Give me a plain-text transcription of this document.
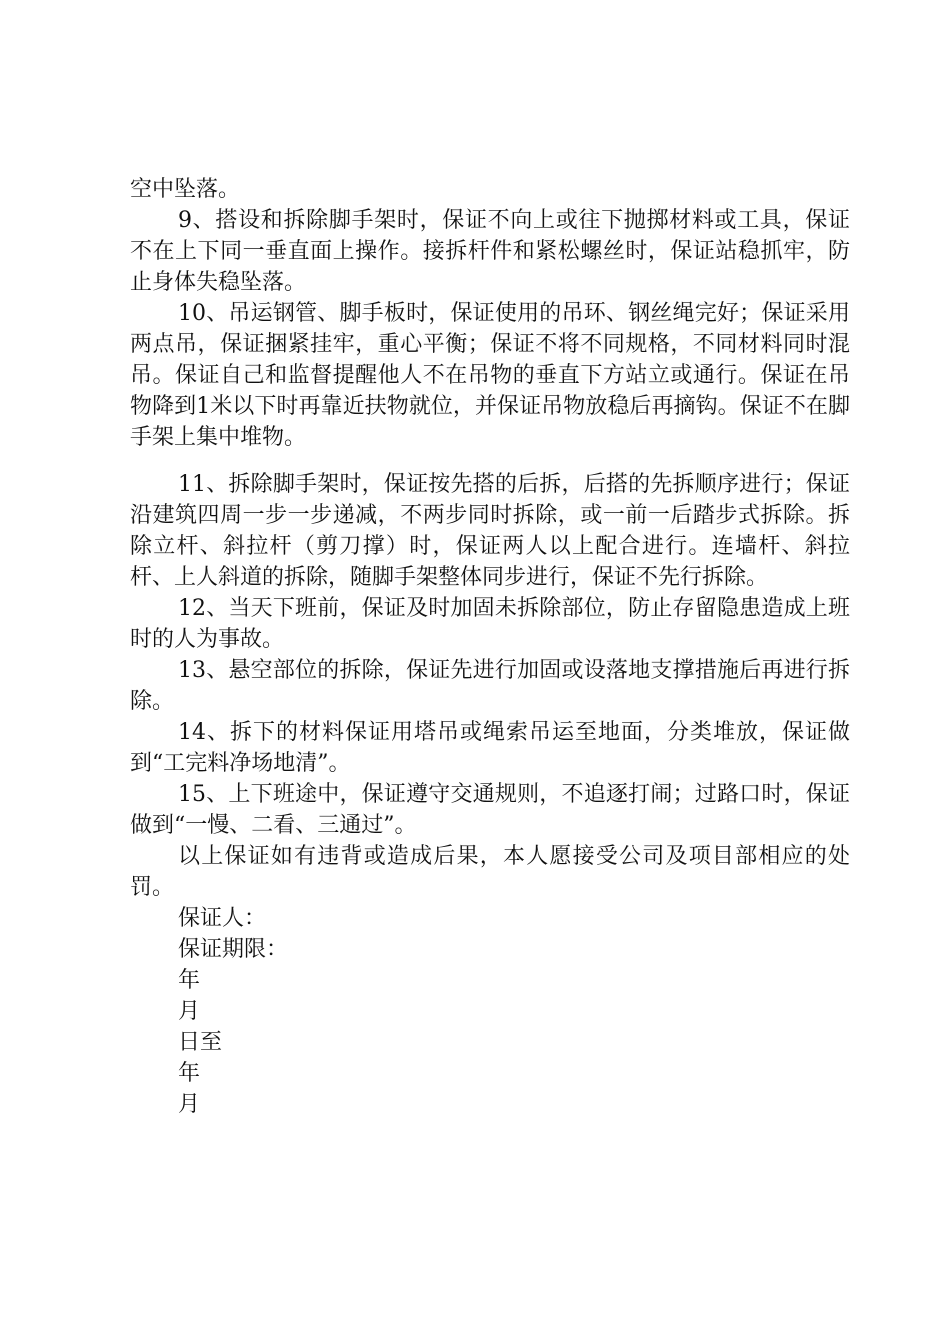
空中坠落。

9、搭设和拆除脚手架时，保证不向上或往下抛掷材料或工具，保证不在上下同一垂直面上操作。接拆杆件和紧松螺丝时，保证站稳抓牢，防止身体失稳坠落。

10、吊运钢管、脚手板时，保证使用的吊环、钢丝绳完好；保证采用两点吊，保证捆紧挂牢，重心平衡；保证不将不同规格，不同材料同时混吊。保证自己和监督提醒他人不在吊物的垂直下方站立或通行。保证在吊物降到1米以下时再靠近扶物就位，并保证吊物放稳后再摘钩。保证不在脚手架上集中堆物。

11、拆除脚手架时，保证按先搭的后拆，后搭的先拆顺序进行；保证沿建筑四周一步一步递减，不两步同时拆除，或一前一后踏步式拆除。拆除立杆、斜拉杆（剪刀撑）时，保证两人以上配合进行。连墙杆、斜拉杆、上人斜道的拆除，随脚手架整体同步进行，保证不先行拆除。

12、当天下班前，保证及时加固未拆除部位，防止存留隐患造成上班时的人为事故。

13、悬空部位的拆除，保证先进行加固或设落地支撑措施后再进行拆除。

14、拆下的材料保证用塔吊或绳索吊运至地面，分类堆放，保证做到“工完料净场地清”。

15、上下班途中，保证遵守交通规则，不追逐打闹；过路口时，保证做到“一慢、二看、三通过”。

以上保证如有违背或造成后果，本人愿接受公司及项目部相应的处罚。

保证人：

保证期限：

年

月

日至

年

月
